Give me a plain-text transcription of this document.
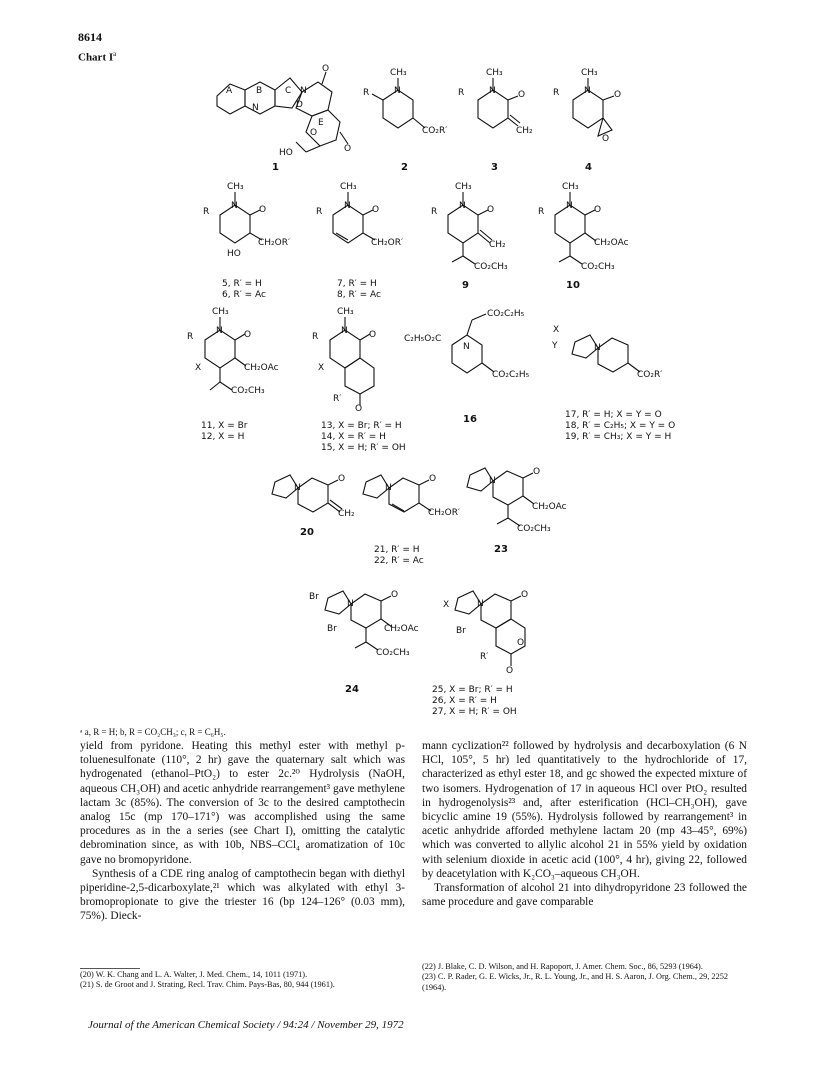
8614
Chart $I^a$
A	B	C
D
E
N
N
O
O
O
HO
CH₃
R	N
CO₂R′
CH₃
R	N O
CH₂
CH₃
R	N	O
O
CH₃
R
N O
CH₂OR′
HO
CH₃
R
N O
CH₂OR′
CH₃
R
N O
CH₂
CO₂CH₃
CH₃
R
N O
CH₂OAc
CO₂CH₃
CH₃
R
N O
CH₂OAc
X
CO₂CH₃
CH₃
R
N O
X
R′
O
CO₂C₂H₅
C₂H₅O₂C
N
CO₂C₂H₅
X
Y	N
CO₂R′
N
O
CH₂
N
O
CH₂OR′
N
O
CH₂OAc
CO₂CH₃
Br
N
O
Br	CH₂OAc
CO₂CH₃
X	N
O
Br
O
R′
O
1	2	3	4
5, R′ = H
6, R′ = Ac
7, R′ = H
8, R′ = Ac
9	10
11, X = Br
12, X = H
13, X = Br; R′ = H
14, X = R′ = H
15, X = H; R′ = OH
16	17, R′ = H; X = Y = O
18, R′ = C₂H₅; X = Y = O
19, R′ = CH₃; X = Y = H
20
21, R′ = H
22, R′ = Ac
23
24	25, X = Br; R′ = H
26, X = R′ = H
27, X = H; R′ = OH
ᵃ a, R = H; b, R = CO₂CH₃; c, R = C₆H₅.

yield from pyridone. Heating this methyl ester with methyl p-toluenesulfonate (110°, 2 hr) gave the quaternary salt which was hydrogenated (ethanol–PtO₂) to ester 2c.²⁰ Hydrolysis (NaOH, aqueous CH₃OH) and acetic anhydride rearrangement³ gave methylene lactam 3c (85%). The conversion of 3c to the desired camptothecin analog 15c (mp 170–171°) was accomplished using the same procedures as in the a series (see Chart I), omitting the catalytic debromination since, as with 10b, NBS–CCl₄ aromatization of 10c gave no bromopyridone.

Synthesis of a CDE ring analog of camptothecin began with diethyl piperidine-2,5-dicarboxylate,²¹ which was alkylated with ethyl 3-bromopropionate to give the triester 16 (bp 124–126° (0.03 mm), 75%). Dieck-

mann cyclization²² followed by hydrolysis and decarboxylation (6 N HCl, 105°, 5 hr) led quantitatively to the hydrochloride of 17, characterized as ethyl ester 18, and gc showed the expected mixture of two isomers. Hydrogenation of 17 in aqueous HCl over PtO₂ resulted in hydrogenolysis²³ and, after esterification (HCl–CH₃OH), gave bicyclic amine 19 (55%). Hydrolysis followed by rearrangement³ in acetic anhydride afforded methylene lactam 20 (mp 43–45°, 69%) which was converted to allylic alcohol 21 in 55% yield by oxidation with selenium dioxide in acetic acid (100°, 4 hr), giving 22, followed by deacetylation with K₂CO₃–aqueous CH₃OH.

Transformation of alcohol 21 into dihydropyridone 23 followed the same procedure and gave comparable

(20) W. K. Chang and L. A. Walter, J. Med. Chem., 14, 1011 (1971).
(21) S. de Groot and J. Strating, Recl. Trav. Chim. Pays-Bas, 80, 944 (1961).
(22) J. Blake, C. D. Wilson, and H. Rapoport, J. Amer. Chem. Soc., 86, 5293 (1964).
(23) C. P. Rader, G. E. Wicks, Jr., R. L. Young, Jr., and H. S. Aaron, J. Org. Chem., 29, 2252 (1964).
Journal of the American Chemical Society / 94:24 / November 29, 1972
